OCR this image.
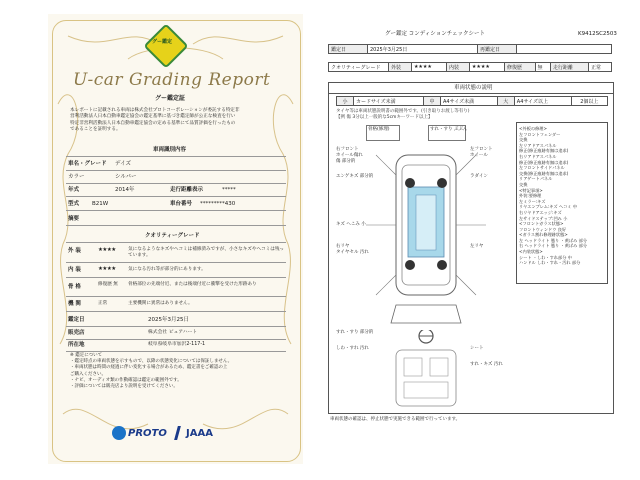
グー鑑定
U-car Grading Report
グー鑑定証
本レポートに記載される車両は株式会社プロトコーポレーションが委託する特定非
営利活動法人日本自動車鑑定協会の鑑定基準に基づき鑑定師が公正な検査を行い
特定非営利活動法人日本自動車鑑定協会の定める基準にて品質評価を行ったもの
であることを証明する。
車両識別内容
車名・グレード デイズ
カラー	シルバー
年式	2014年	走行距離表示	*****
型式 B21W	車台番号 *********430
摘要
クオリティーグレード
外 装	★★★★	気になるようなキズやヘコミは補修済みですが、小さなキズやヘコミは残っています。
内 装	★★★★	気になる汚れ等が部分的にあります。
骨 格	修復歴 無	骨格部位の先端付近、または後端付近に衝撃を受けた形跡あり
機 関	正常	主要機関に異常はありません。
鑑定日	2025年3月25日
販売店	株式会社 ピュアハート
所在地	岐阜県岐阜市加沢2-117-1
※ 鑑定について
・鑑定時点の車両状態を示すもので、以降の状態変化については保証しません。
・車両状態は時間の経過に伴い変化する場合があるため、鑑定書をご確認の上
ご購入ください。
・ナビ、オーディオ類の作動確認は鑑定の範囲外です。
・評価については販売店より説明を受けてください。
PROTO JAAA
グー鑑定 コンディションチェックシート	K9412SC2503
鑑定日	2025年3月25日	再鑑定日	
クオリティーグレード	外装	★★★★	内装	★★★★	修復歴	無	走行距離	正常
車両状態の説明
小	カードサイズ未満	中	A4サイズ未満	大	A4サイズ以上	2個以上
タイヤ等は車両状態説明書の範囲外です。(引き取りお渡し等有り)
【例 傷 3分以上一般的な5cmキーワード以上】
<外板の修理>
左フロントフェンダー
交換
左リアドアスパネル
修正(修正痕跡有無は追求)
右リアドアスパネル
修正(修正痕跡有無は追求)
左フロントサイドパネル
交換(修正痕跡有無は追求)
リアゲートパネル
交換
<特記事項>
外装:要修理
左ミラー:キズ
リヤエンブレム:キズ ヘコミ 中
右リヤドアエッジ:キズ
左サイドステップ:凹み 小
<フロントガラス状態>
フロントウィンドウ 良好
<ガラス割れ修理跡状態>
左 ヘッドライト 曇り ・黄ばみ 部分
右 ヘッドライト 曇り ・黄ばみ 部分
<内装状態>
シート ・しわ・すれ部分 中
ハンドル しわ・すれ・汚れ 部分
骨格(修理)	すれ・すり ぶぶん
右フロント
ホイール傷れ
傷 部分的
左フロント
ホイール
エンゲキズ 部分的	ラダイン
キズ へこみ 小
右リヤ
タイヤセル 汚れ
左リヤ
すれ・すり 部分的
しわ・すれ 汚れ	シート
すれ・キズ 汚れ
車両状態の確認は、停止状態で実施できる範囲で行っています。
